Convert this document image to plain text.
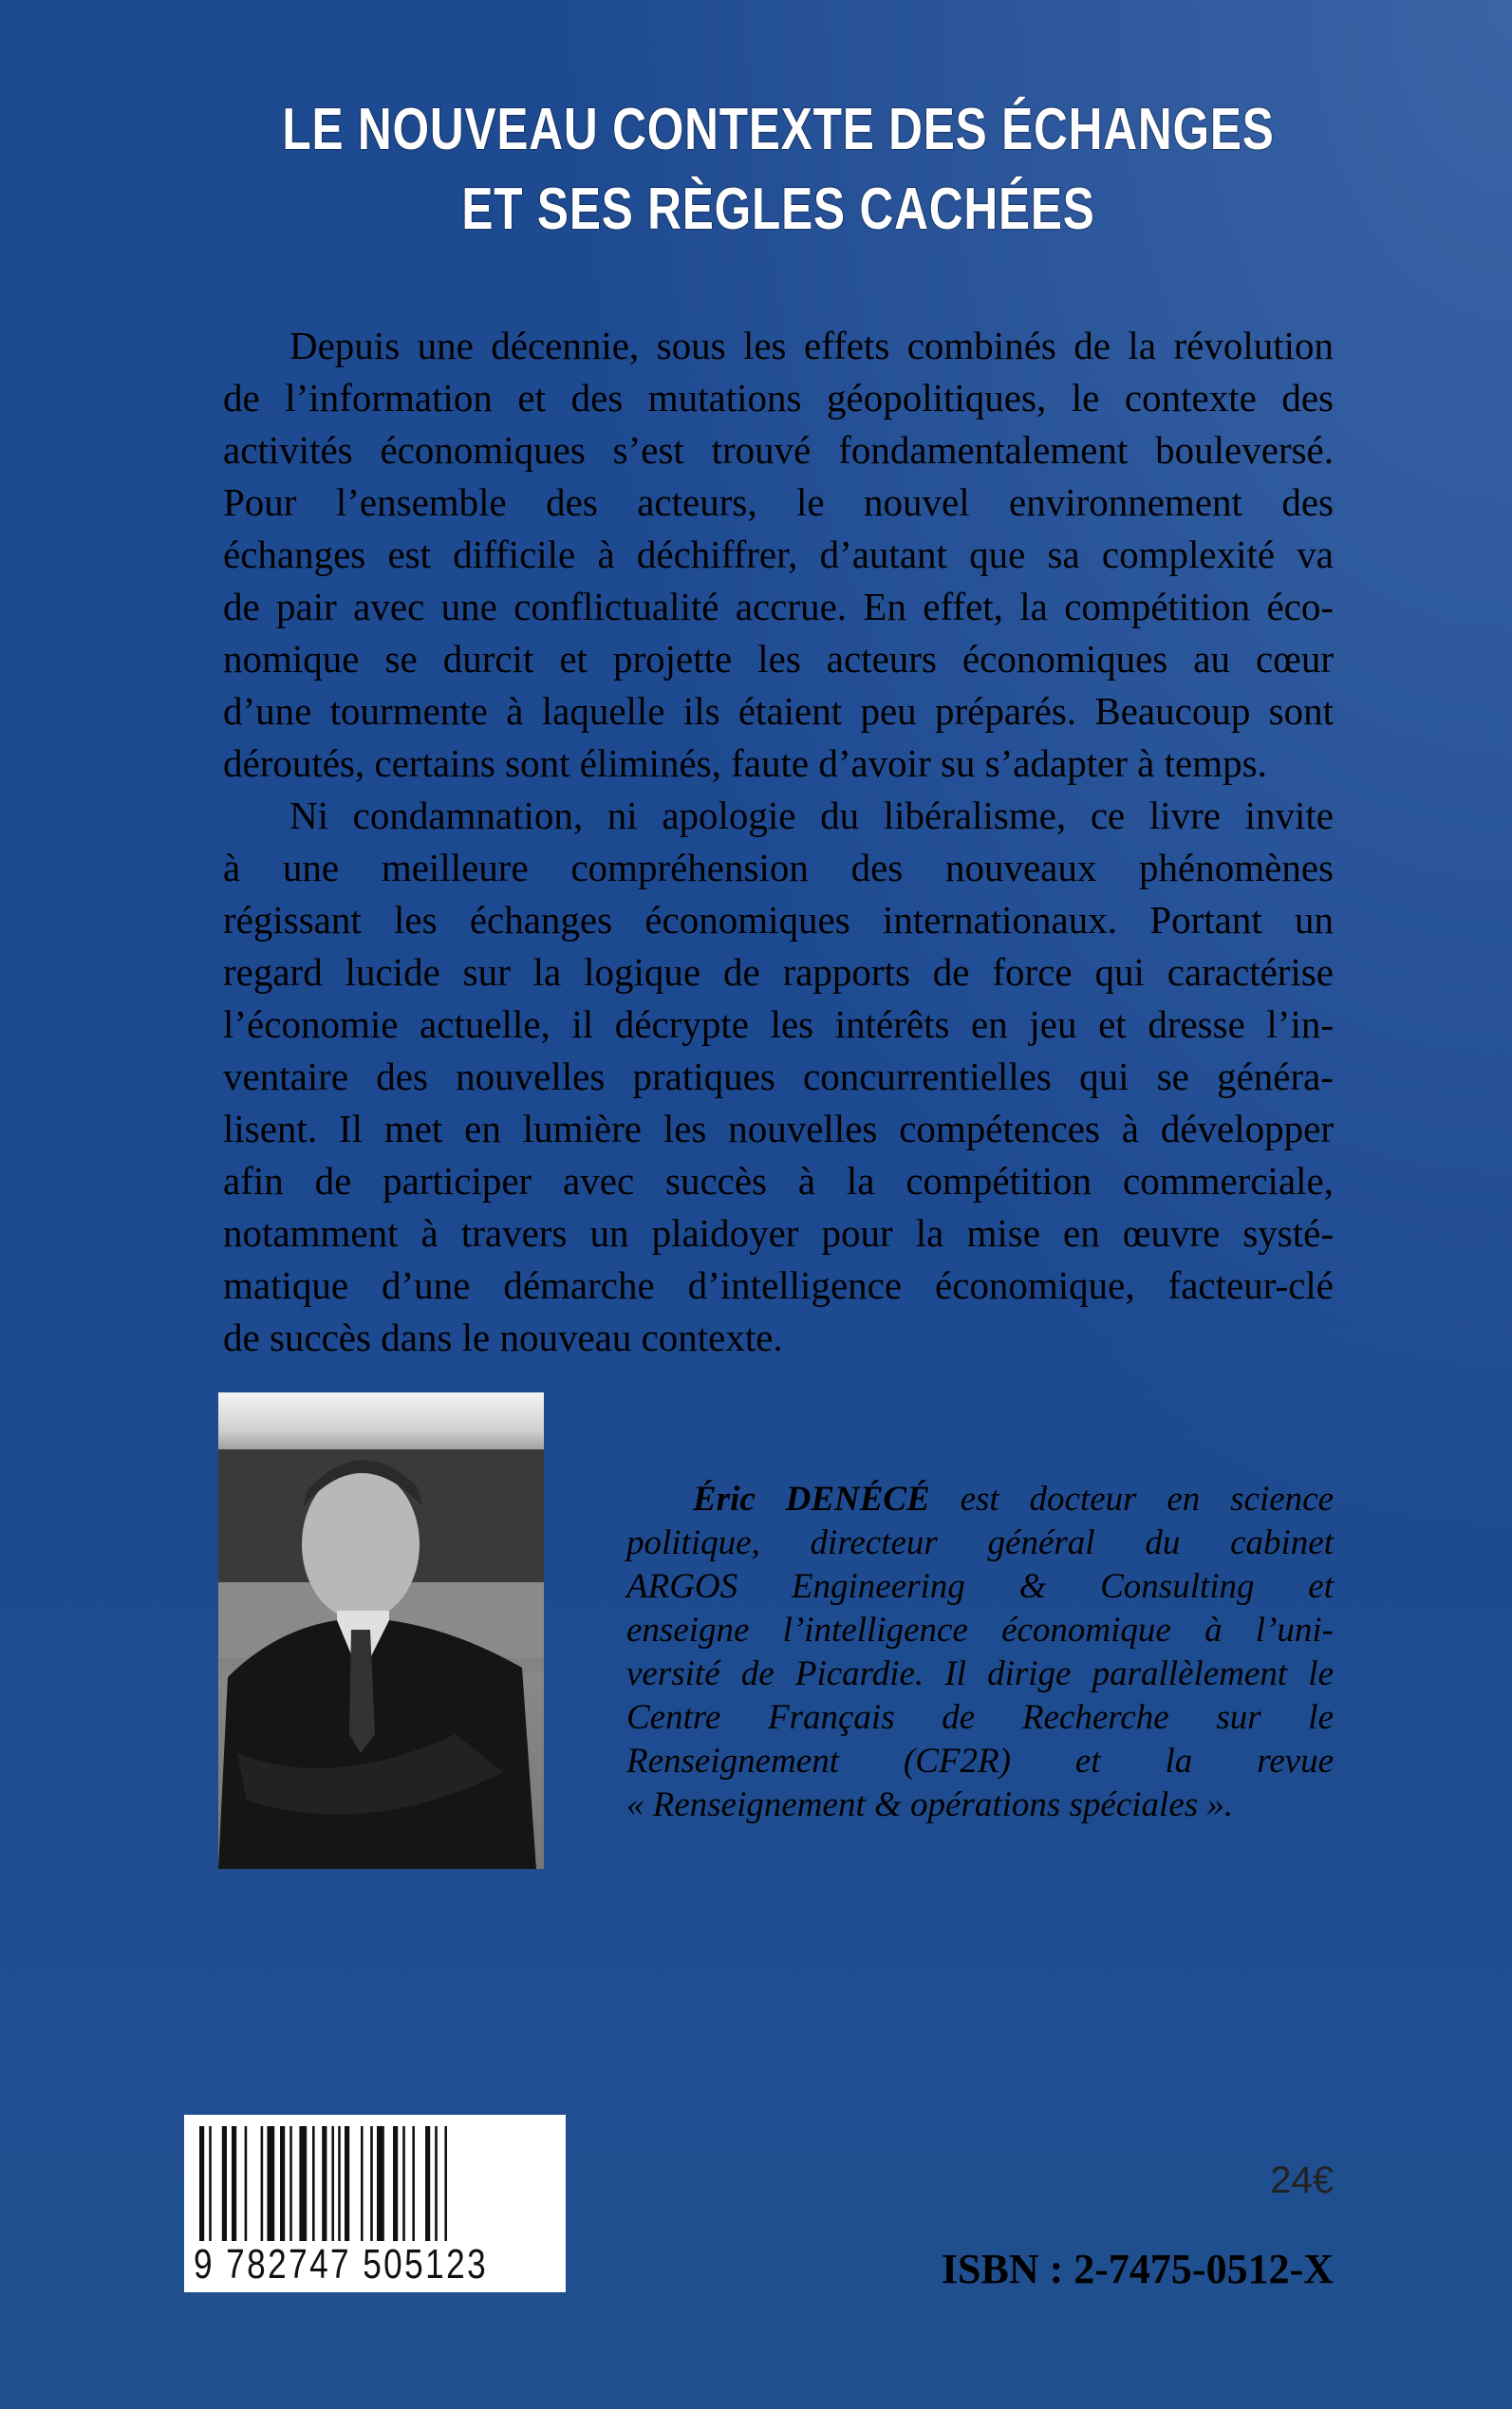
LE NOUVEAU CONTEXTE DES ÉCHANGES
ET SES RÈGLES CACHÉES
Depuis une décennie, sous les effets combinés de la révolution
de l’information et des mutations géopolitiques, le contexte des
activités économiques s’est trouvé fondamentalement bouleversé.
Pour l’ensemble des acteurs, le nouvel environnement des
échanges est difficile à déchiffrer, d’autant que sa complexité va
de pair avec une conflictualité accrue. En effet, la compétition éco-
nomique se durcit et projette les acteurs économiques au cœur
d’une tourmente à laquelle ils étaient peu préparés. Beaucoup sont
déroutés, certains sont éliminés, faute d’avoir su s’adapter à temps.
Ni condamnation, ni apologie du libéralisme, ce livre invite
à une meilleure compréhension des nouveaux phénomènes
régissant les échanges économiques internationaux. Portant un
regard lucide sur la logique de rapports de force qui caractérise
l’économie actuelle, il décrypte les intérêts en jeu et dresse l’in-
ventaire des nouvelles pratiques concurrentielles qui se généra-
lisent. Il met en lumière les nouvelles compétences à développer
afin de participer avec succès à la compétition commerciale,
notamment à travers un plaidoyer pour la mise en œuvre systé-
matique d’une démarche d’intelligence économique, facteur-clé
de succès dans le nouveau contexte.
Éric DENÉCÉ est docteur en science
politique, directeur général du cabinet
ARGOS Engineering & Consulting et
enseigne l’intelligence économique à l’uni-
versité de Picardie. Il dirige parallèlement le
Centre Français de Recherche sur le
Renseignement (CF2R) et la revue
« Renseignement & opérations spéciales ».
9 782747 505123
24€
ISBN : 2-7475-0512-X
